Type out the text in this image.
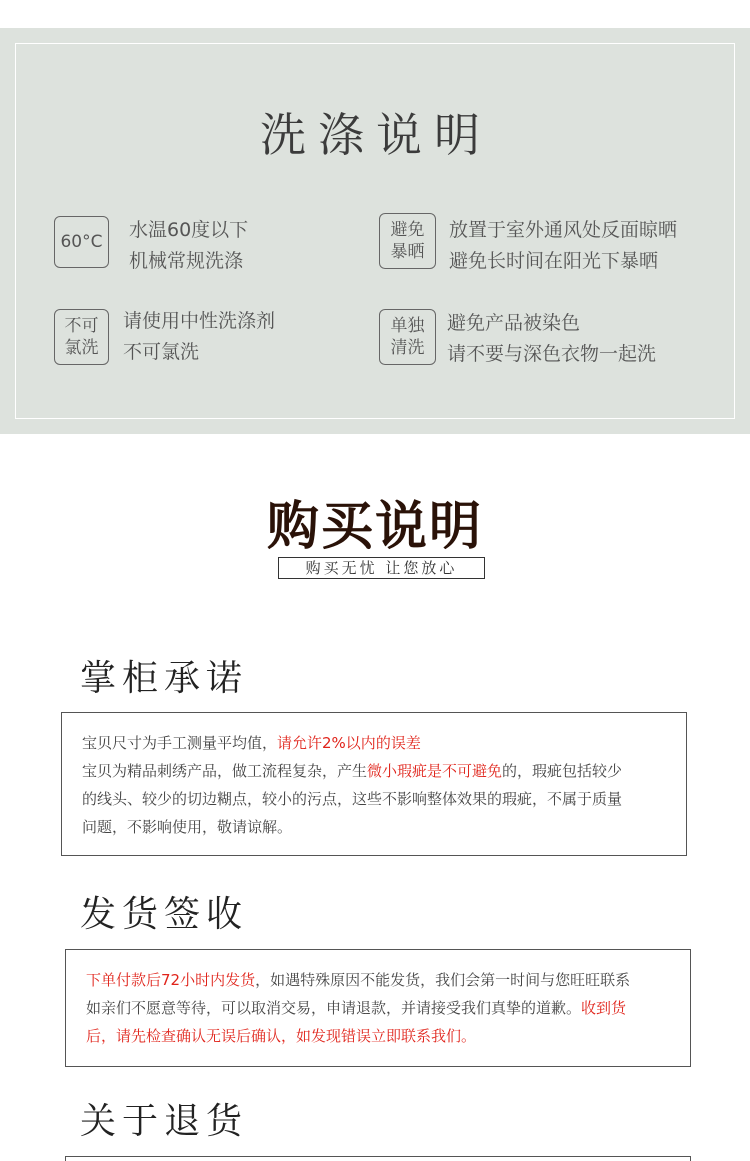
洗涤说明
60°C
水温60度以下
机械常规洗涤
避免
暴晒
放置于室外通风处反面晾晒
避免长时间在阳光下暴晒
不可
氯洗
请使用中性洗涤剂
不可氯洗
单独
清洗
避免产品被染色
请不要与深色衣物一起洗
购买说明
购买无忧 让您放心
掌柜承诺
宝贝尺寸为手工测量平均值，请允许2%以内的误差
宝贝为精品刺绣产品，做工流程复杂，产生微小瑕疵是不可避免的，瑕疵包括较少
的线头、较少的切边糊点，较小的污点，这些不影响整体效果的瑕疵，不属于质量
问题，不影响使用，敬请谅解。
发货签收
下单付款后72小时内发货，如遇特殊原因不能发货，我们会第一时间与您旺旺联系
如亲们不愿意等待，可以取消交易，申请退款，并请接受我们真挚的道歉。收到货
后，请先检查确认无误后确认，如发现错误立即联系我们。
关于退货
